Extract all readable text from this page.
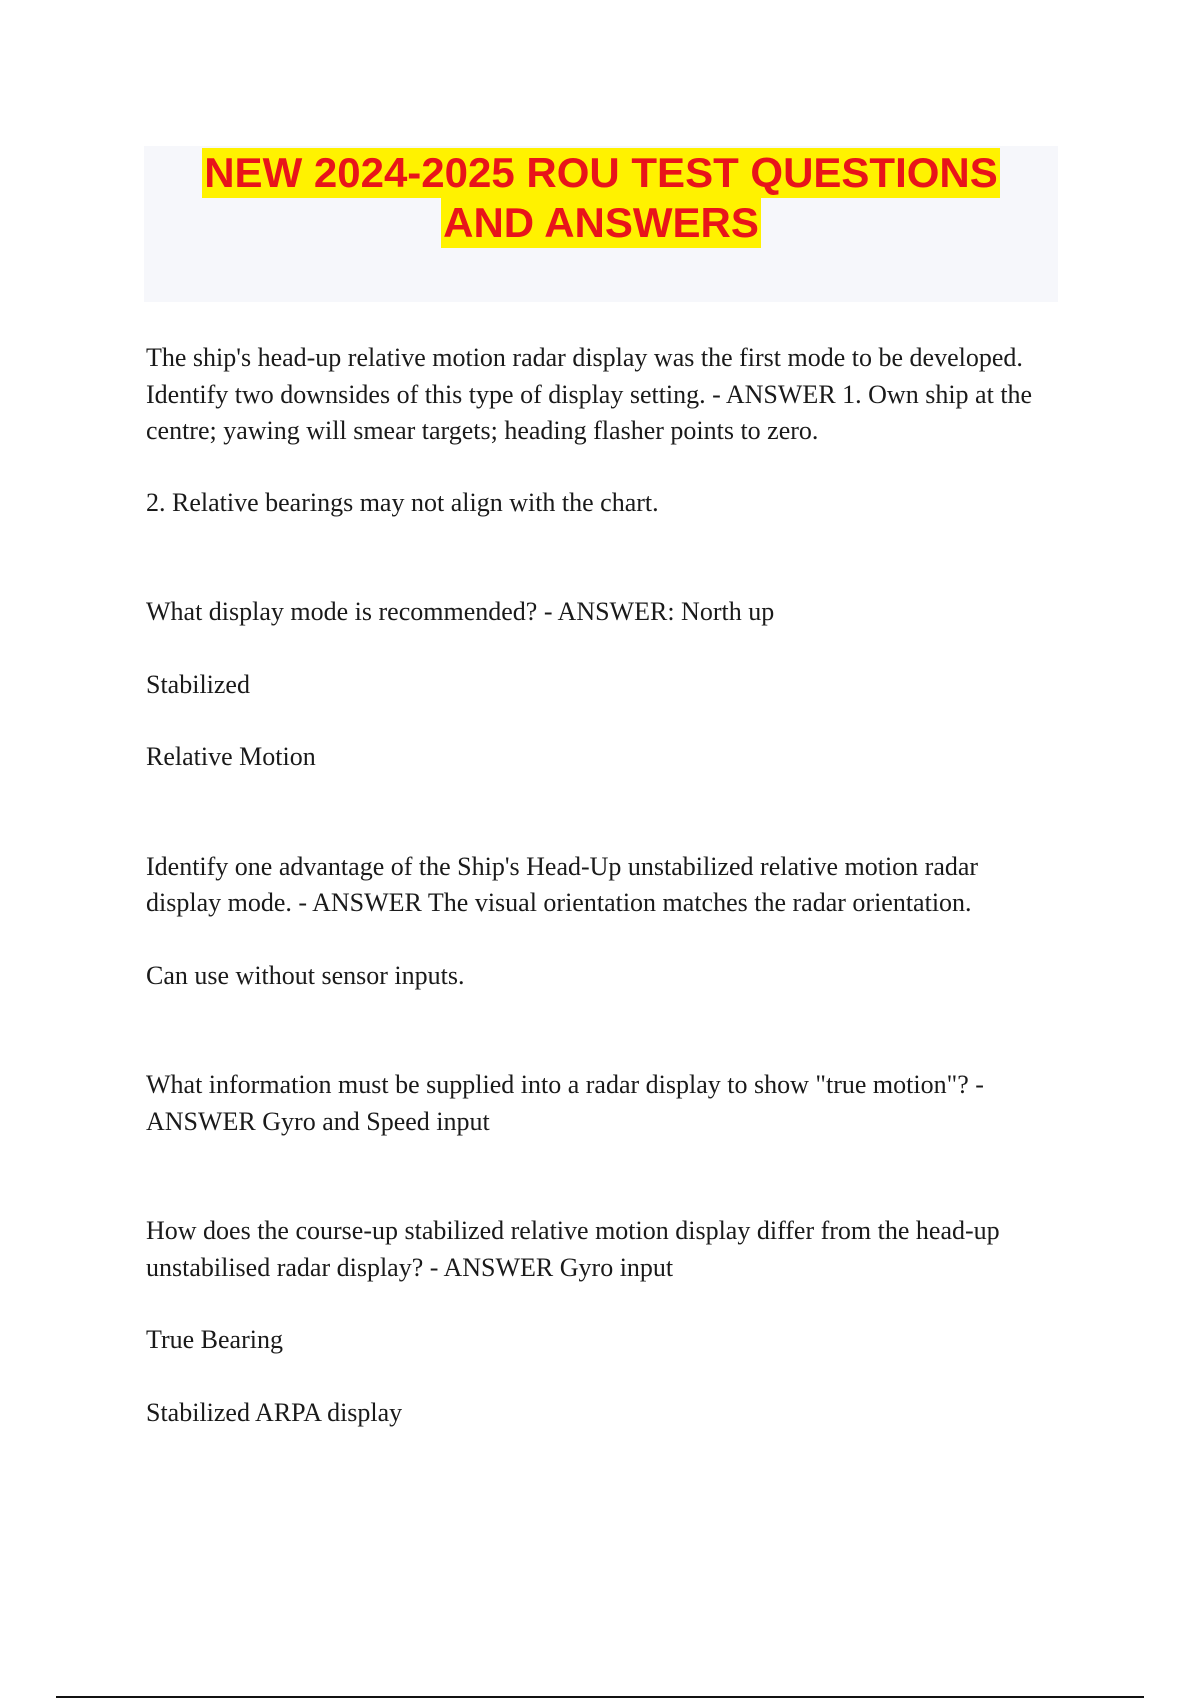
NEW 2024-2025 ROU TEST QUESTIONS
AND ANSWERS

The ship's head-up relative motion radar display was the first mode to be developed. Identify two downsides of this type of display setting. - ANSWER 1. Own ship at the centre; yawing will smear targets; heading flasher points to zero.

2. Relative bearings may not align with the chart.

What display mode is recommended? - ANSWER: North up

Stabilized

Relative Motion

Identify one advantage of the Ship's Head-Up unstabilized relative motion radar display mode. - ANSWER The visual orientation matches the radar orientation.

Can use without sensor inputs.

What information must be supplied into a radar display to show "true motion"? - ANSWER Gyro and Speed input

How does the course-up stabilized relative motion display differ from the head-up unstabilised radar display? - ANSWER Gyro input

True Bearing

Stabilized ARPA display
